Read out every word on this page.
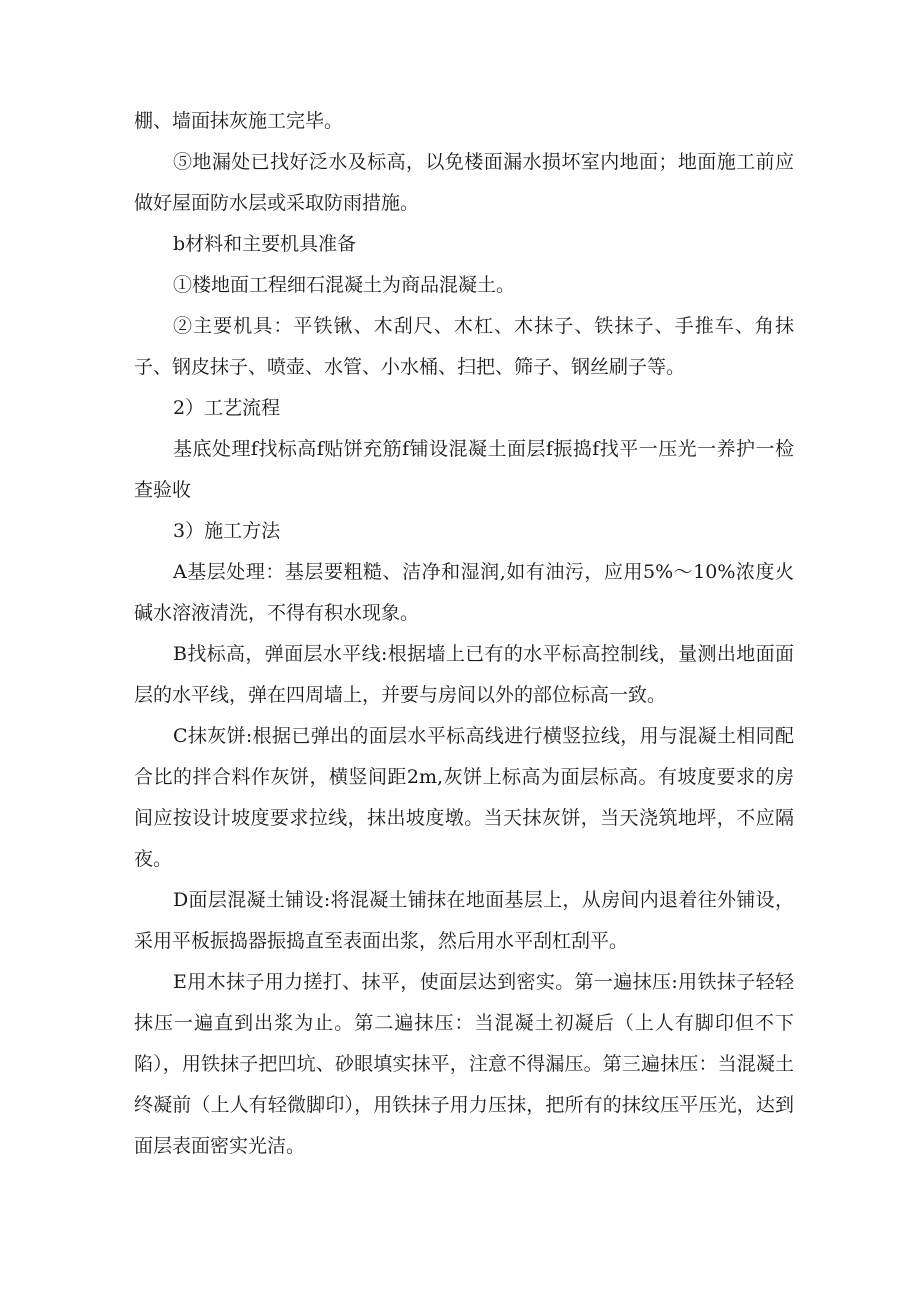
棚、墙面抹灰施工完毕。

⑤地漏处已找好泛水及标高，以免楼面漏水损坏室内地面；地面施工前应做好屋面防水层或采取防雨措施。

b材料和主要机具准备

①楼地面工程细石混凝土为商品混凝土。

②主要机具：平铁锹、木刮尺、木杠、木抹子、铁抹子、手推车、角抹子、钢皮抹子、喷壶、水管、小水桶、扫把、筛子、钢丝刷子等。

2）工艺流程

基底处理f找标高f贴饼充筋f铺设混凝土面层f振捣f找平一压光一养护一检查验收

3）施工方法

A基层处理：基层要粗糙、洁净和湿润,如有油污，应用5%～10%浓度火碱水溶液清洗，不得有积水现象。

B找标高，弹面层水平线:根据墙上已有的水平标高控制线，量测出地面面层的水平线，弹在四周墙上，并要与房间以外的部位标高一致。

C抹灰饼:根据已弹出的面层水平标高线进行横竖拉线，用与混凝土相同配合比的拌合料作灰饼，横竖间距2m,灰饼上标高为面层标高。有坡度要求的房间应按设计坡度要求拉线，抹出坡度墩。当天抹灰饼，当天浇筑地坪，不应隔夜。

D面层混凝土铺设:将混凝土铺抹在地面基层上，从房间内退着往外铺设，采用平板振捣器振捣直至表面出浆，然后用水平刮杠刮平。

E用木抹子用力搓打、抹平，使面层达到密实。第一遍抹压:用铁抹子轻轻抹压一遍直到出浆为止。第二遍抹压：当混凝土初凝后（上人有脚印但不下陷），用铁抹子把凹坑、砂眼填实抹平，注意不得漏压。第三遍抹压：当混凝土终凝前（上人有轻微脚印），用铁抹子用力压抹，把所有的抹纹压平压光，达到面层表面密实光洁。
